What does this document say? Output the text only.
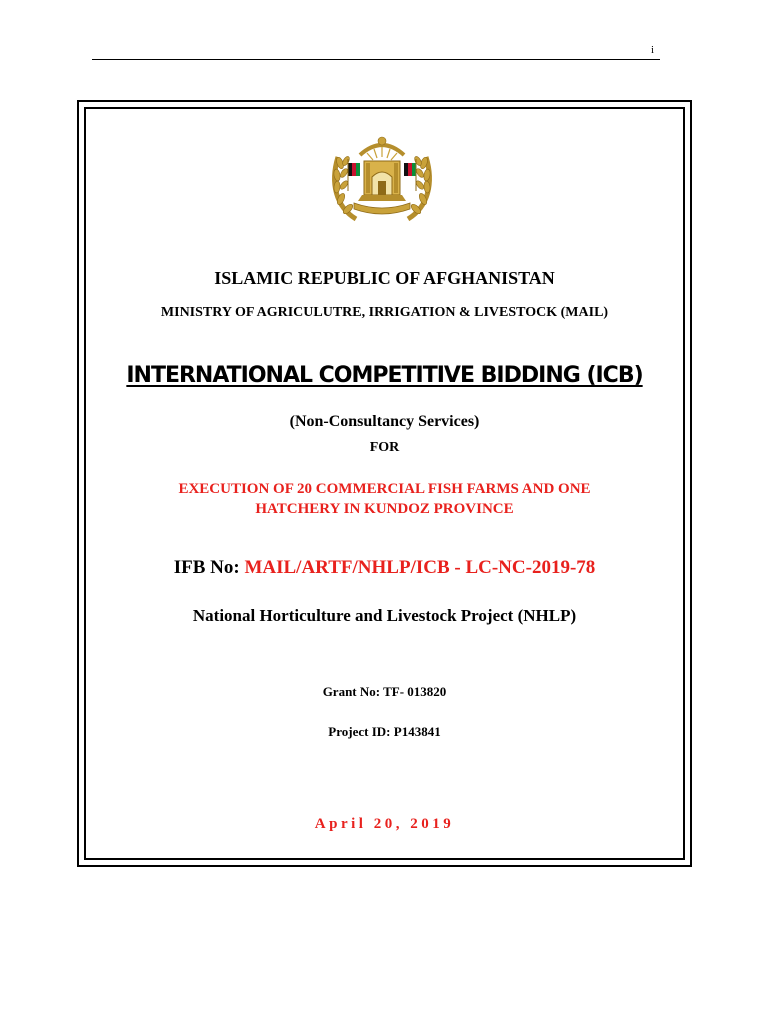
i
ISLAMIC REPUBLIC OF AFGHANISTAN
MINISTRY OF AGRICULUTRE, IRRIGATION & LIVESTOCK (MAIL)
INTERNATIONAL COMPETITIVE BIDDING (ICB)
(Non-Consultancy Services)
FOR
EXECUTION OF 20 COMMERCIAL FISH FARMS AND ONE
HATCHERY IN KUNDOZ PROVINCE
IFB No: MAIL/ARTF/NHLP/ICB - LC-NC-2019-78
National Horticulture and Livestock Project (NHLP)
Grant No: TF- 013820
Project ID: P143841
April 20, 2019
